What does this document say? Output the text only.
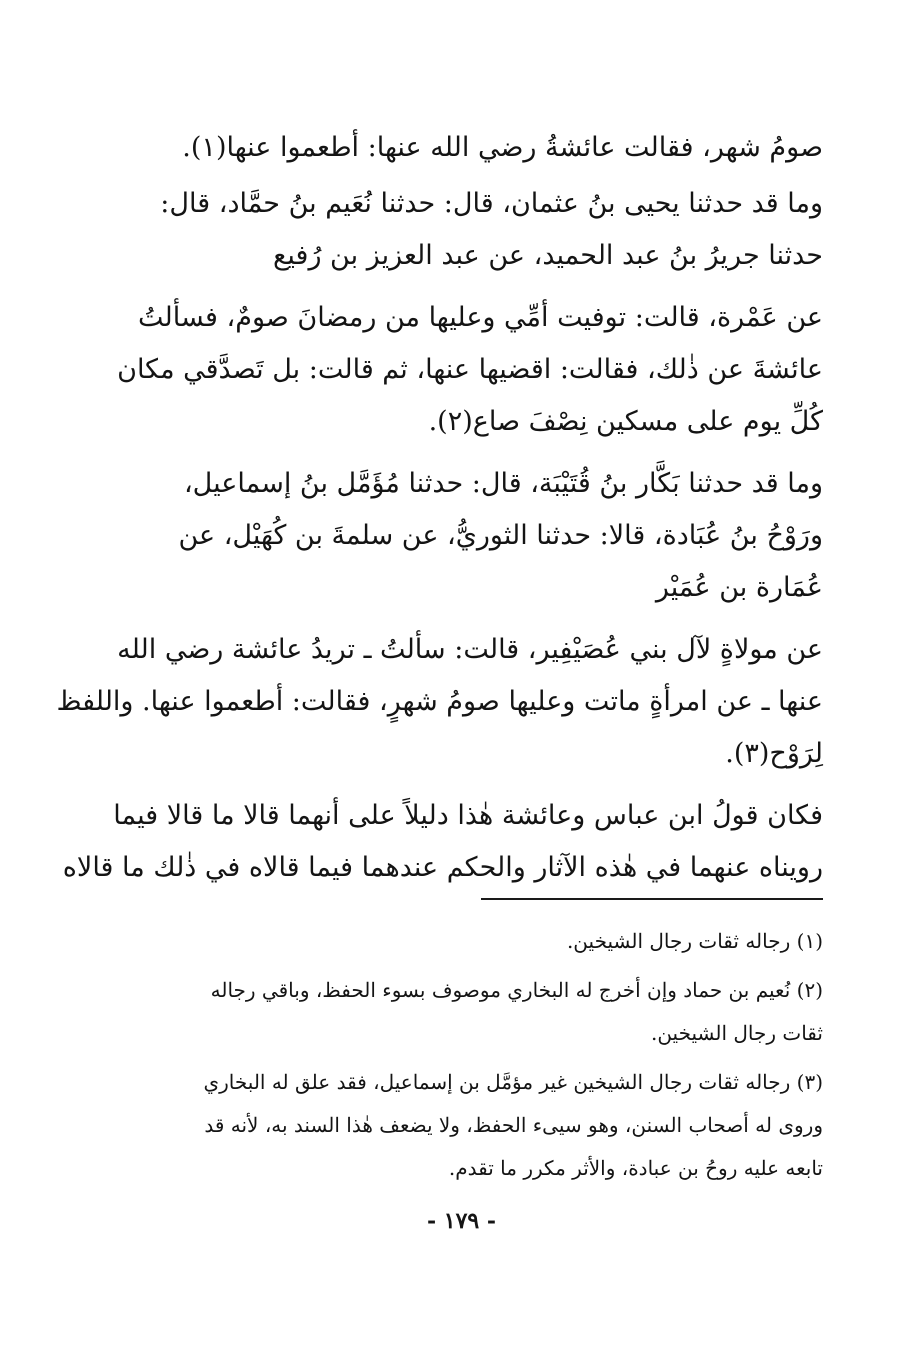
صومُ شهر، فقالت عائشةُ رضي الله عنها: أطعموا عنها(١).

وما قد حدثنا يحيى بنُ عثمان، قال: حدثنا نُعَيم بنُ حمَّاد، قال:
حدثنا جريرُ بنُ عبد الحميد، عن عبد العزيز بن رُفيع

عن عَمْرة، قالت: توفيت أمِّي وعليها من رمضانَ صومٌ، فسألتُ
عائشةَ عن ذٰلك، فقالت: اقضيها عنها، ثم قالت: بل تَصدَّقي مكان
كُلِّ يوم على مسكين نِصْفَ صاع(٢).

وما قد حدثنا بَكَّار بنُ قُتَيْبَة، قال: حدثنا مُؤَمَّل بنُ إسماعيل،
ورَوْحُ بنُ عُبَادة، قالا: حدثنا الثوريُّ، عن سلمةَ بن كُهَيْل، عن
عُمَارة بن عُمَيْر

عن مولاةٍ لآل بني عُصَيْفِير، قالت: سألتُ ـ تريدُ عائشة رضي الله
عنها ـ عن امرأةٍ ماتت وعليها صومُ شهرٍ، فقالت: أطعموا عنها. واللفظ
لِرَوْح(٣).

فكان قولُ ابن عباس وعائشة هٰذا دليلاً على أنهما قالا ما قالا فيما
رويناه عنهما في هٰذه الآثار والحكم عندهما فيما قالاه في ذٰلك ما قالاه

(١) رجاله ثقات رجال الشيخين.

(٢) نُعيم بن حماد وإن أخرج له البخاري موصوف بسوء الحفظ، وباقي رجاله
ثقات رجال الشيخين.

(٣) رجاله ثقات رجال الشيخين غير مؤمَّل بن إسماعيل، فقد علق له البخاري
وروى له أصحاب السنن، وهو سيىء الحفظ، ولا يضعف هٰذا السند به، لأنه قد
تابعه عليه روحُ بن عبادة، والأثر مكرر ما تقدم.

- ١٧٩ -
